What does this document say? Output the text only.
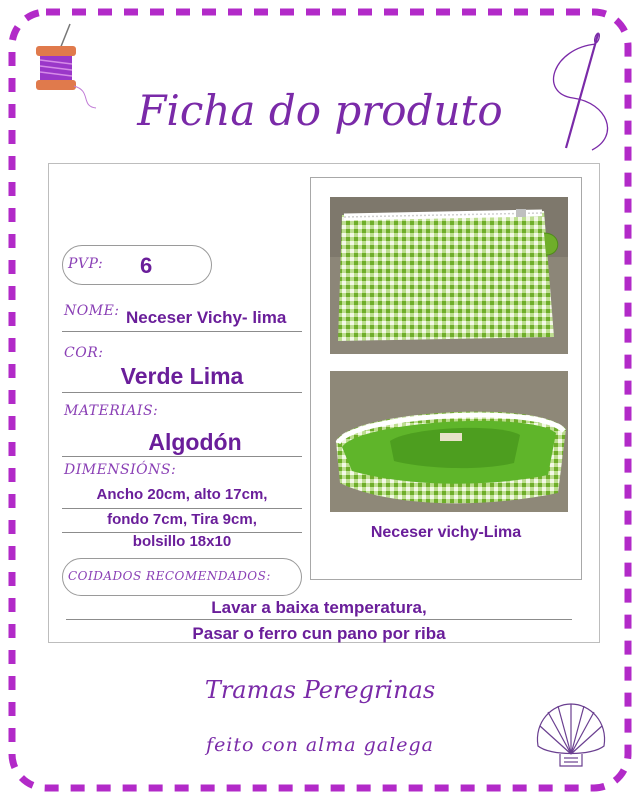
Ficha do produto
PVP: 6
NOME: Neceser Vichy- lima
COR:
Verde Lima
MATERIAIS:
Algodón
DIMENSIÓNS:
Ancho 20cm, alto 17cm,
fondo 7cm, Tira 9cm,
bolsillo 18x10
COIDADOS RECOMENDADOS:
Lavar a baixa temperatura,
Pasar o ferro cun pano por riba
Neceser vichy-Lima
Tramas Peregrinas
feito con alma galega
